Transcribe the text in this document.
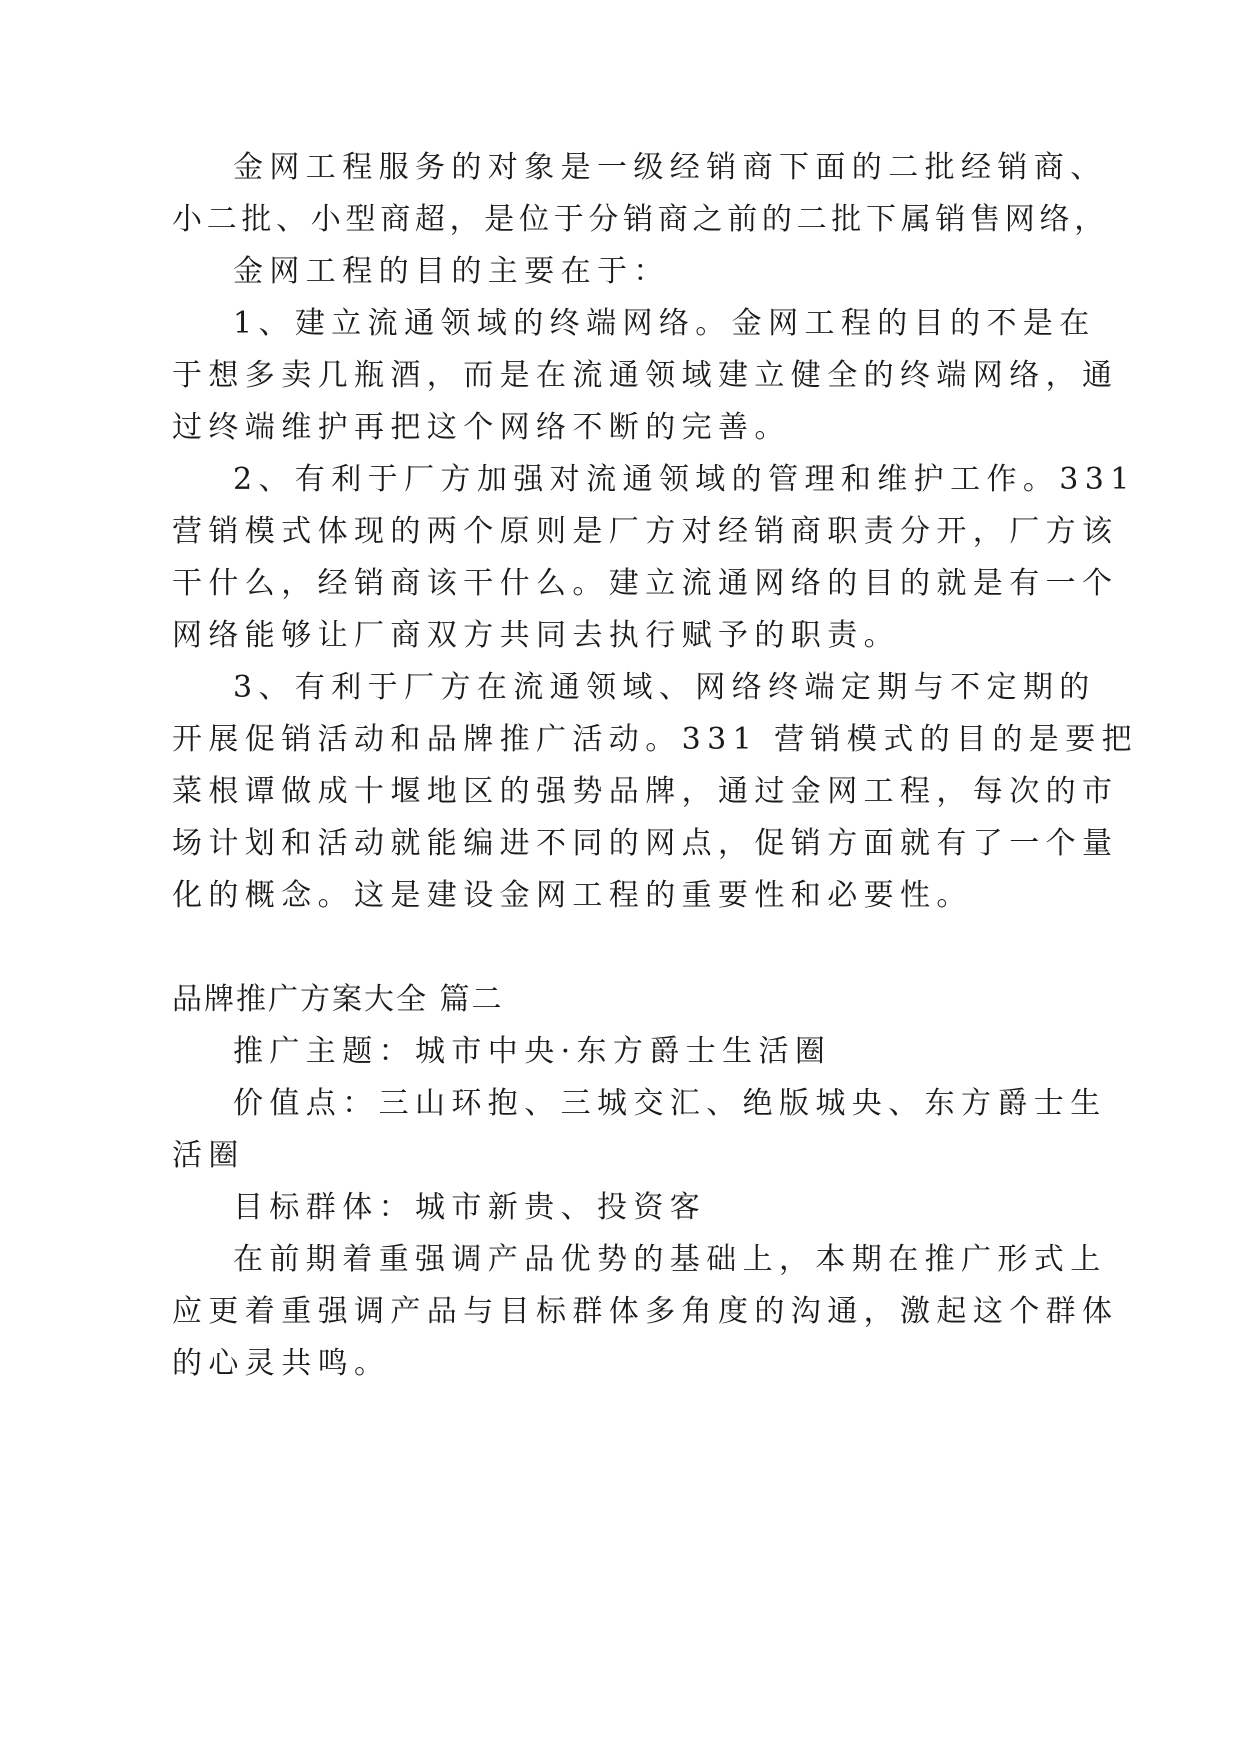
金网工程服务的对象是一级经销商下面的二批经销商、
小二批、小型商超，是位于分销商之前的二批下属销售网络，
金网工程的目的主要在于：
1、建立流通领域的终端网络。金网工程的目的不是在
于想多卖几瓶酒，而是在流通领域建立健全的终端网络，通
过终端维护再把这个网络不断的完善。
2、有利于厂方加强对流通领域的管理和维护工作。331
营销模式体现的两个原则是厂方对经销商职责分开，厂方该
干什么，经销商该干什么。建立流通网络的目的就是有一个
网络能够让厂商双方共同去执行赋予的职责。
3、有利于厂方在流通领域、网络终端定期与不定期的
开展促销活动和品牌推广活动。331 营销模式的目的是要把
菜根谭做成十堰地区的强势品牌，通过金网工程，每次的市
场计划和活动就能编进不同的网点，促销方面就有了一个量
化的概念。这是建设金网工程的重要性和必要性。
品牌推广方案大全 篇二
推广主题：城市中央·东方爵士生活圈
价值点：三山环抱、三城交汇、绝版城央、东方爵士生
活圈
目标群体：城市新贵、投资客
在前期着重强调产品优势的基础上，本期在推广形式上
应更着重强调产品与目标群体多角度的沟通，激起这个群体
的心灵共鸣。
